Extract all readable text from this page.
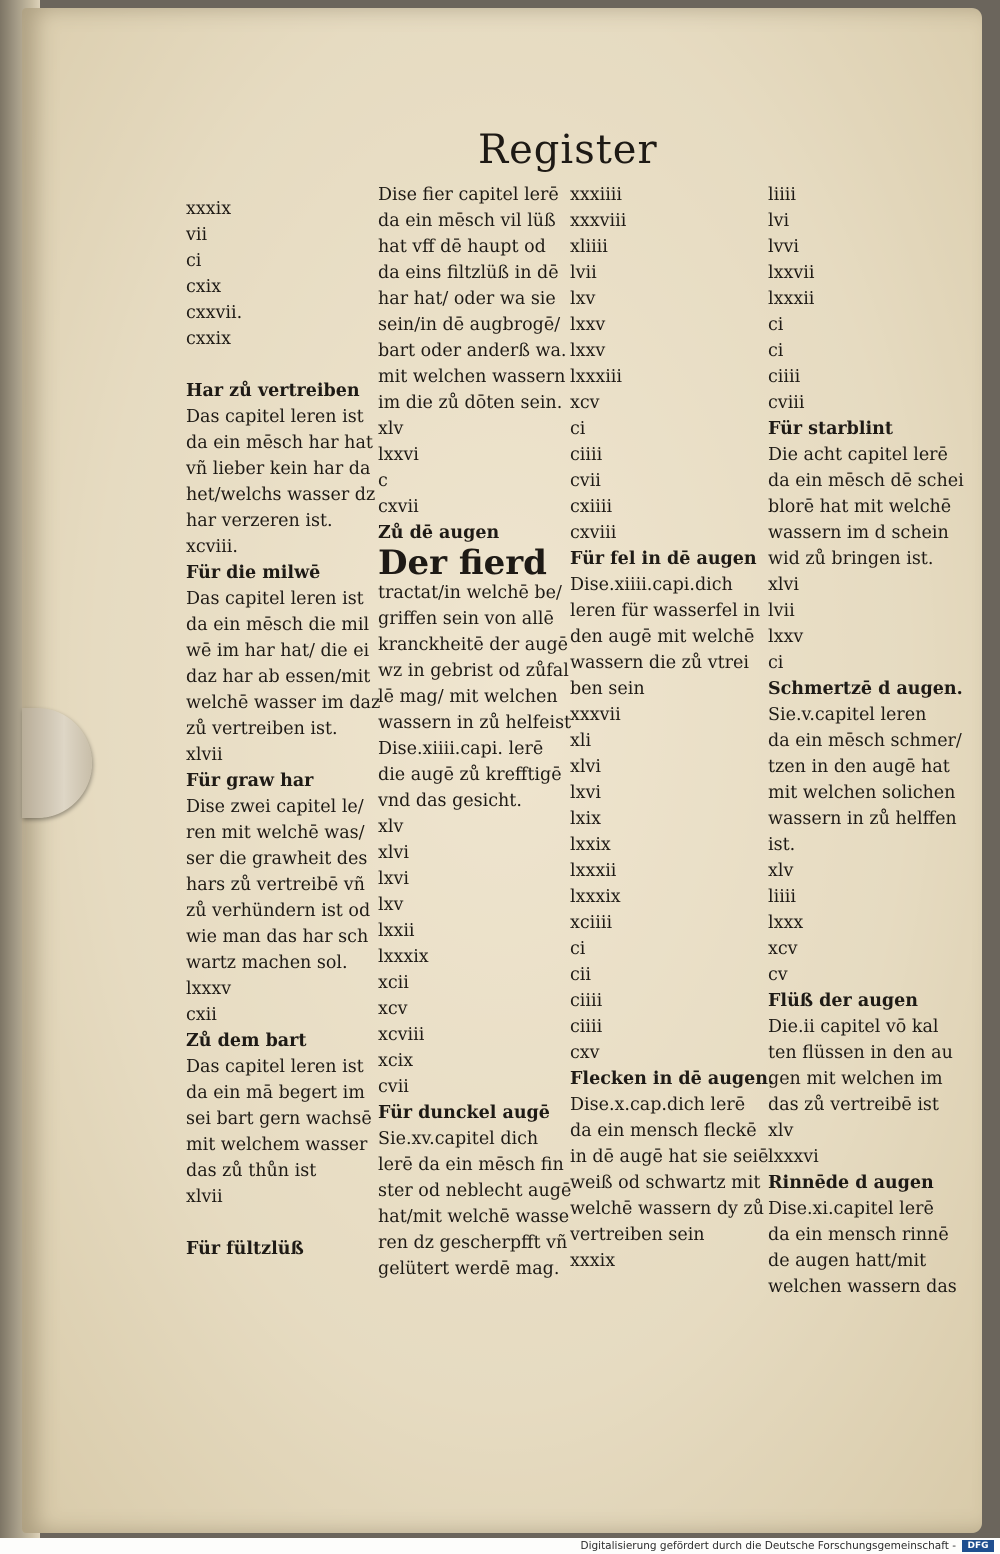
Register
xxxix
vii
ci
cxix
cxxvii.
cxxix
Har zů vertreiben
Das capitel leren ist
da ein mēsch har hat
vñ lieber kein har da
het/welchs wasser dz
har verzeren ist.
xcviii.
Für die milwē
Das capitel leren ist
da ein mēsch die mil
wē im har hat/ die ei
daz har ab essen/mit
welchē wasser im daz
zů vertreiben ist.
xlvii
Für graw har
Dise zwei capitel le/
ren mit welchē was/
ser die grawheit des
hars zů vertreibē vñ
zů verhündern ist od
wie man das har sch
wartz machen sol.
lxxxv
cxii
Zů dem bart
Das capitel leren ist
da ein mā begert im
sei bart gern wachsē
mit welchem wasser
das zů thůn ist
xlvii
Für fültzlüß
Dise fier capitel lerē
da ein mēsch vil lüß
hat vff dē haupt od
da eins filtzlüß in dē
har hat/ oder wa sie
sein/in dē augbrogē/
bart oder anderß wa.
mit welchen wassern
im die zů dōten sein.
xlv
lxxvi
c
cxvii
Zů dē augen
Der fierd
tractat/in welchē be/
griffen sein von allē
kranckheitē der augē
wz in gebrist od zůfal
lē mag/ mit welchen
wassern in zů helfeist
Dise.xiiii.capi. lerē
die augē zů krefftigē
vnd das gesicht.
xlv
xlvi
lxvi
lxv
lxxii
lxxxix
xcii
xcv
xcviii
xcix
cvii
Für dunckel augē
Sie.xv.capitel dich
lerē da ein mēsch fin
ster od neblecht augē
hat/mit welchē wasse
ren dz gescherpfft vñ
gelütert werdē mag.
xxxiiii
xxxviii
xliiii
lvii
lxv
lxxv
lxxv
lxxxiii
xcv
ci
ciiii
cvii
cxiiii
cxviii
Für fel in dē augen
Dise.xiiii.capi.dich
leren für wasserfel in
den augē mit welchē
wassern die zů vtrei
ben sein
xxxvii
xli
xlvi
lxvi
lxix
lxxix
lxxxii
lxxxix
xciiii
ci
cii
ciiii
ciiii
cxv
Flecken in dē augen.
Dise.x.cap.dich lerē
da ein mensch fleckē
in dē augē hat sie seiē
weiß od schwartz mit
welchē wassern dy zů
vertreiben sein
xxxix
liiii
lvi
lvvi
lxxvii
lxxxii
ci
ci
ciiii
cviii
Für starblint
Die acht capitel lerē
da ein mēsch dē schei
blorē hat mit welchē
wassern im d schein
wid zů bringen ist.
xlvi
lvii
lxxv
ci
Schmertzē d augen.
Sie.v.capitel leren
da ein mēsch schmer/
tzen in den augē hat
mit welchen solichen
wassern in zů helffen
ist.
xlv
liiii
lxxx
xcv
cv
Flüß der augen
Die.ii capitel vō kal
ten flüssen in den au
gen mit welchen im
das zů vertreibē ist
xlv
lxxxvi
Rinnēde d augen
Dise.xi.capitel lerē
da ein mensch rinnē
de augen hatt/mit
welchen wassern das
Digitalisierung gefördert durch die Deutsche Forschungsgemeinschaft -	DFG
